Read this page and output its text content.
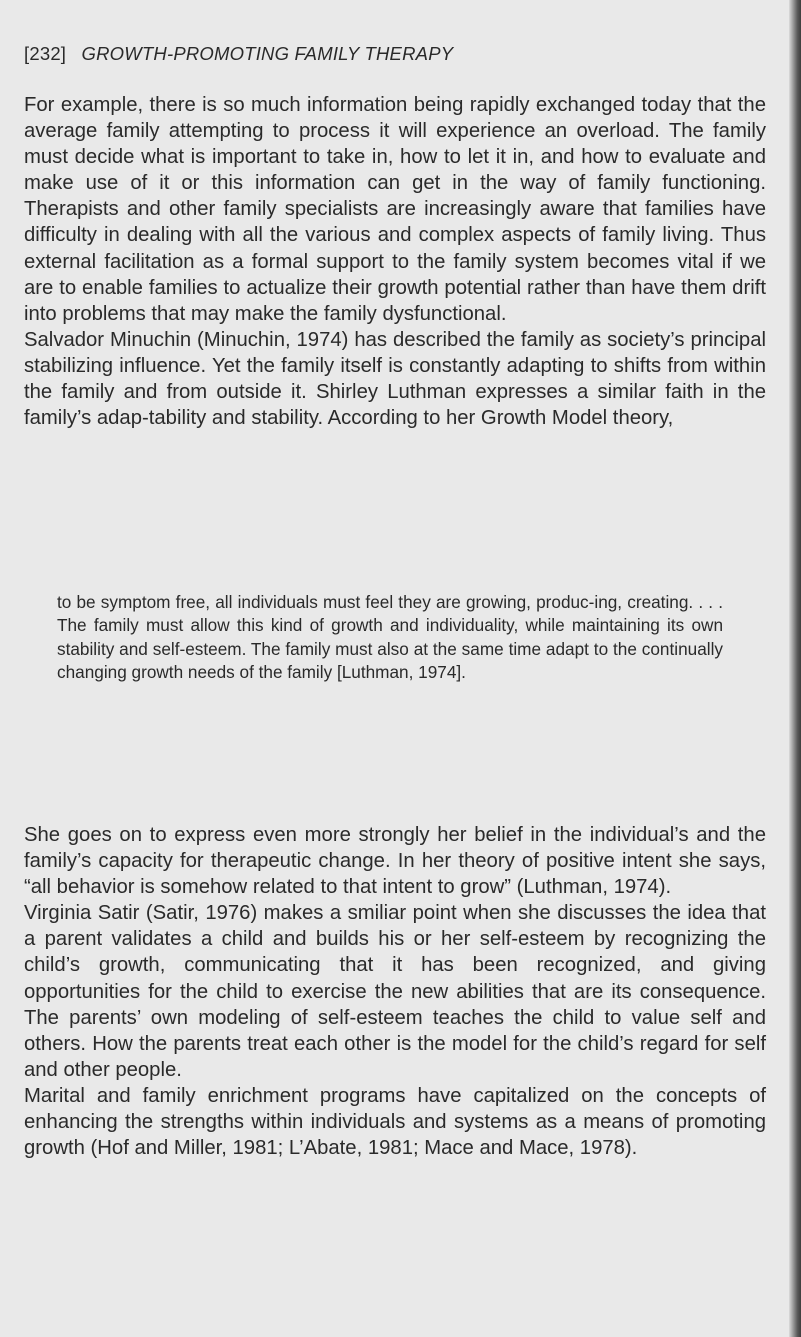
[232] GROWTH-PROMOTING FAMILY THERAPY

For example, there is so much information being rapidly exchanged today that the average family attempting to process it will experience an overload. The family must decide what is important to take in, how to let it in, and how to evaluate and make use of it or this information can get in the way of family functioning. Therapists and other family specialists are increasingly aware that families have difficulty in dealing with all the various and complex aspects of family living. Thus external facilitation as a formal support to the family system becomes vital if we are to enable families to actualize their growth potential rather than have them drift into problems that may make the family dysfunctional.

Salvador Minuchin (Minuchin, 1974) has described the family as society’s principal stabilizing influence. Yet the family itself is constantly adapting to shifts from within the family and from outside it. Shirley Luthman expresses a similar faith in the family’s adap-tability and stability. According to her Growth Model theory,

to be symptom free, all individuals must feel they are growing, produc-ing, creating. . . . The family must allow this kind of growth and individuality, while maintaining its own stability and self-esteem. The family must also at the same time adapt to the continually changing growth needs of the family [Luthman, 1974].

She goes on to express even more strongly her belief in the individual’s and the family’s capacity for therapeutic change. In her theory of positive intent she says, “all behavior is somehow related to that intent to grow” (Luthman, 1974).

Virginia Satir (Satir, 1976) makes a smiliar point when she discusses the idea that a parent validates a child and builds his or her self-esteem by recognizing the child’s growth, communicating that it has been recognized, and giving opportunities for the child to exercise the new abilities that are its consequence. The parents’ own modeling of self-esteem teaches the child to value self and others. How the parents treat each other is the model for the child’s regard for self and other people.

Marital and family enrichment programs have capitalized on the concepts of enhancing the strengths within individuals and systems as a means of promoting growth (Hof and Miller, 1981; L’Abate, 1981; Mace and Mace, 1978).
